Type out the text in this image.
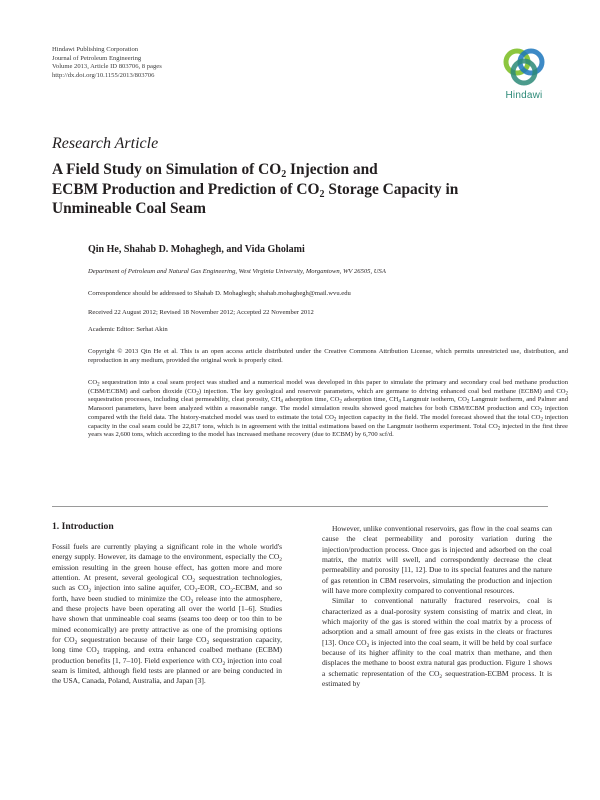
Hindawi Publishing Corporation
Journal of Petroleum Engineering
Volume 2013, Article ID 803706, 8 pages
http://dx.doi.org/10.1155/2013/803706
Hindawi
Research Article
A Field Study on Simulation of $CO_2$ Injection and
ECBM Production and Prediction of $CO_2$ Storage Capacity in
Unmineable Coal Seam
Qin He, Shahab D. Mohaghegh, and Vida Gholami
Department of Petroleum and Natural Gas Engineering, West Virginia University, Morgantown, WV 26505, USA
Correspondence should be addressed to Shahab D. Mohaghegh; shahab.mohaghegh@mail.wvu.edu
Received 22 August 2012; Revised 18 November 2012; Accepted 22 November 2012
Academic Editor: Serhat Akin
Copyright © 2013 Qin He et al. This is an open access article distributed under the Creative Commons Attribution License, which permits unrestricted use, distribution, and reproduction in any medium, provided the original work is properly cited.
$CO_2$ sequestration into a coal seam project was studied and a numerical model was developed in this paper to simulate the primary and secondary coal bed methane production (CBM/ECBM) and carbon dioxide $(CO_2)$ injection. The key geological and reservoir parameters, which are germane to driving enhanced coal bed methane (ECBM) and $CO_2$ sequestration processes, including cleat permeability, cleat porosity, $CH_4$ adsorption time, $CO_2$ adsorption time, $CH_4$ Langmuir isotherm, $CO_2$ Langmuir isotherm, and Palmer and Mansoori parameters, have been analyzed within a reasonable range. The model simulation results showed good matches for both CBM/ECBM production and $CO_2$ injection compared with the field data. The history-matched model was used to estimate the total $CO_2$ injection capacity in the field. The model forecast showed that the total $CO_2$ injection capacity in the coal seam could be 22,817 tons, which is in agreement with the initial estimations based on the Langmuir isotherm experiment. Total $CO_2$ injected in the first three years was 2,600 tons, which according to the model has increased methane recovery (due to ECBM) by 6,700 scf/d.
1. Introduction

Fossil fuels are currently playing a significant role in the whole world's energy supply. However, its damage to the environment, especially the $CO_2$ emission resulting in the green house effect, has gotten more and more attention. At present, several geological $CO_2$ sequestration technologies, such as $CO_2$ injection into saline aquifer, $CO_2$-EOR, $CO_2$-ECBM, and so forth, have been studied to minimize the $CO_2$ release into the atmosphere, and these projects have been operating all over the world [1–6]. Studies have shown that unmineable coal seams (seams too deep or too thin to be mined economically) are pretty attractive as one of the promising options for $CO_2$ sequestration because of their large $CO_2$ sequestration capacity, long time $CO_2$ trapping, and extra enhanced coalbed methane (ECBM) production benefits [1, 7–10]. Field experience with $CO_2$ injection into coal seam is limited, although field tests are planned or are being conducted in the USA, Canada, Poland, Australia, and Japan [3].

However, unlike conventional reservoirs, gas flow in the coal seams can cause the cleat permeability and porosity variation during the injection/production process. Once gas is injected and adsorbed on the coal matrix, the matrix will swell, and correspondently decrease the cleat permeability and porosity [11, 12]. Due to its special features and the nature of gas retention in CBM reservoirs, simulating the production and injection will have more complexity compared to conventional resources.

Similar to conventional naturally fractured reservoirs, coal is characterized as a dual-porosity system consisting of matrix and cleat, in which majority of the gas is stored within the coal matrix by a process of adsorption and a small amount of free gas exists in the cleats or fractures [13]. Once $CO_2$ is injected into the coal seam, it will be held by coal surface because of its higher affinity to the coal matrix than methane, and then displaces the methane to boost extra natural gas production. Figure 1 shows a schematic representation of the $CO_2$ sequestration-ECBM process. It is estimated by
